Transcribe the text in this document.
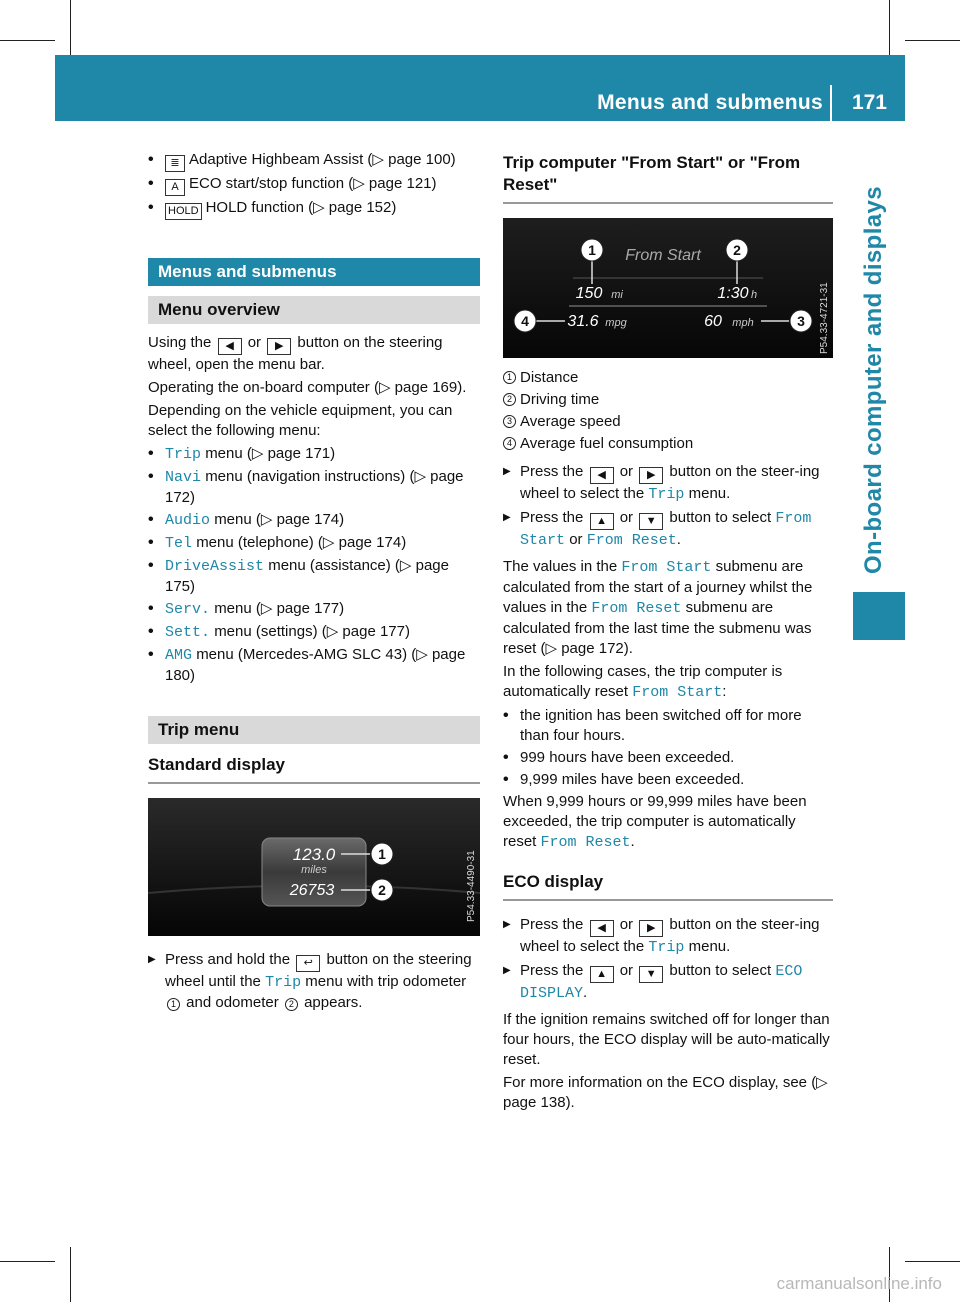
Menus and submenus 171
On-board computer and displays
• ≣ Adaptive Highbeam Assist (▷ page 100)
• A ECO start/stop function (▷ page 121)
• HOLD HOLD function (▷ page 152)
Menus and submenus
Menu overview

Using the ◀ or ▶ button on the steering wheel, open the menu bar.

Operating the on-board computer (▷ page 169).

Depending on the vehicle equipment, you can select the following menu:

• Trip menu (▷ page 171)
• Navi menu (navigation instructions) (▷ page 172)
• Audio menu (▷ page 174)
• Tel menu (telephone) (▷ page 174)
• DriveAssist menu (assistance) (▷ page 175)
• Serv. menu (▷ page 177)
• Sett. menu (settings) (▷ page 177)
• AMG menu (Mercedes-AMG SLC 43) (▷ page 180)
Trip menu
Standard display
123.0
miles
26753
1
2	P54.33-4490-31
▶ Press and hold the ↩ button on the steering wheel until the Trip menu with trip odometer 1 and odometer 2 appears.
Trip computer "From Start" or "From Reset"
From Start
150 mi	1:30 h
31.6 mpg	60 mph
1	2
3
4	P54.33-4721-31
1 Distance
2 Driving time
3 Average speed
4 Average fuel consumption
▶ Press the ◀ or ▶ button on the steer-ing wheel to select the Trip menu.
▶ Press the ▲ or ▼ button to select From Start or From Reset.

The values in the From Start submenu are calculated from the start of a journey whilst the values in the From Reset submenu are calculated from the last time the submenu was reset (▷ page 172).

In the following cases, the trip computer is automatically reset From Start:

• the ignition has been switched off for more than four hours.
• 999 hours have been exceeded.
• 9,999 miles have been exceeded.

When 9,999 hours or 99,999 miles have been exceeded, the trip computer is automatically reset From Reset.

ECO display
▶ Press the ◀ or ▶ button on the steer-ing wheel to select the Trip menu.
▶ Press the ▲ or ▼ button to select ECO DISPLAY.

If the ignition remains switched off for longer than four hours, the ECO display will be auto-matically reset.

For more information on the ECO display, see (▷ page 138).

carmanualsonline.info
